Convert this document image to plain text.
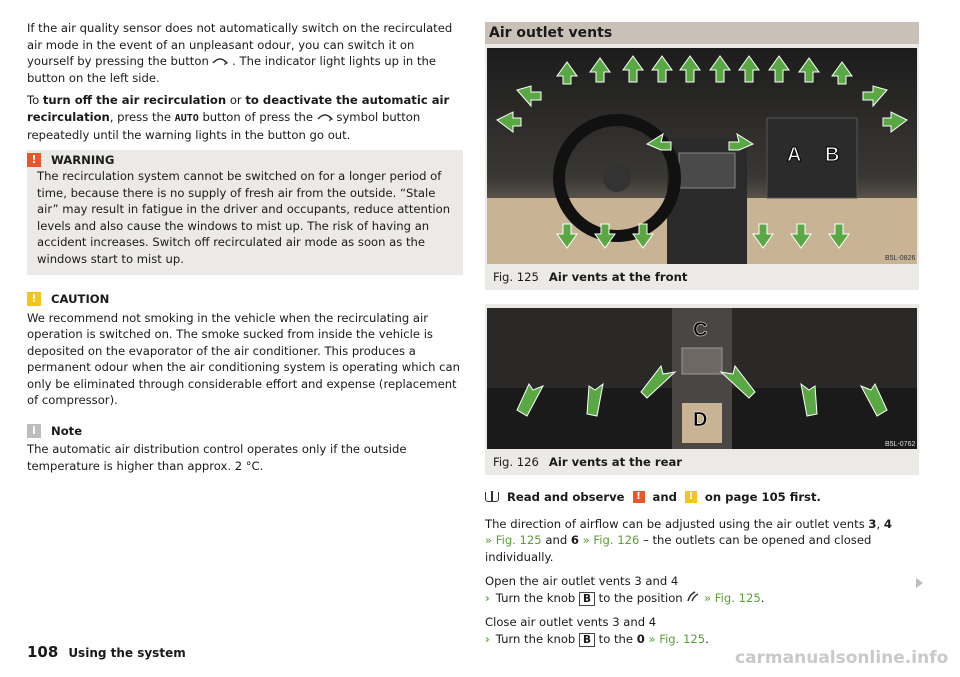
If the air quality sensor does not automatically switch on the recirculated air mode in the event of an unpleasant odour, you can switch it on yourself by pressing the button . The indicator light lights up in the button on the left side.

To turn off the air recirculation or to deactivate the automatic air recirculation, press the AUTO button of press the  symbol button repeatedly until the warning lights in the button go out.

!	WARNING
The recirculation system cannot be switched on for a longer period of time, because there is no supply of fresh air from the outside. “Stale air” may result in fatigue in the driver and occupants, reduce attention levels and also cause the windows to mist up. The risk of having an accident increases. Switch off recirculated air mode as soon as the windows start to mist up.
!	CAUTION

We recommend not smoking in the vehicle when the recirculating air operation is switched on. The smoke sucked from inside the vehicle is deposited on the evaporator of the air conditioner. This produces a permanent odour when the air conditioning system is operating which can only be eliminated through considerable effort and expense (replacement of compressor).

i	Note

The automatic air distribution control operates only if the outside temperature is higher than approx. 2 °C.

Air outlet vents
A B
B5L-0826
Fig. 125 Air vents at the front
C
D
B5L-0762
Fig. 126 Air vents at the rear
Read and observe	!	and	!	on page 105 first.

The direction of airflow can be adjusted using the air outlet vents 3, 4
» Fig. 125 and 6 » Fig. 126 – the outlets can be opened and closed individually.

Open the air outlet vents 3 and 4

› Turn the knob B to the position » Fig. 125.

Close air outlet vents 3 and 4

› Turn the knob B to the 0 » Fig. 125.
108 Using the system	carmanualsonline.info
